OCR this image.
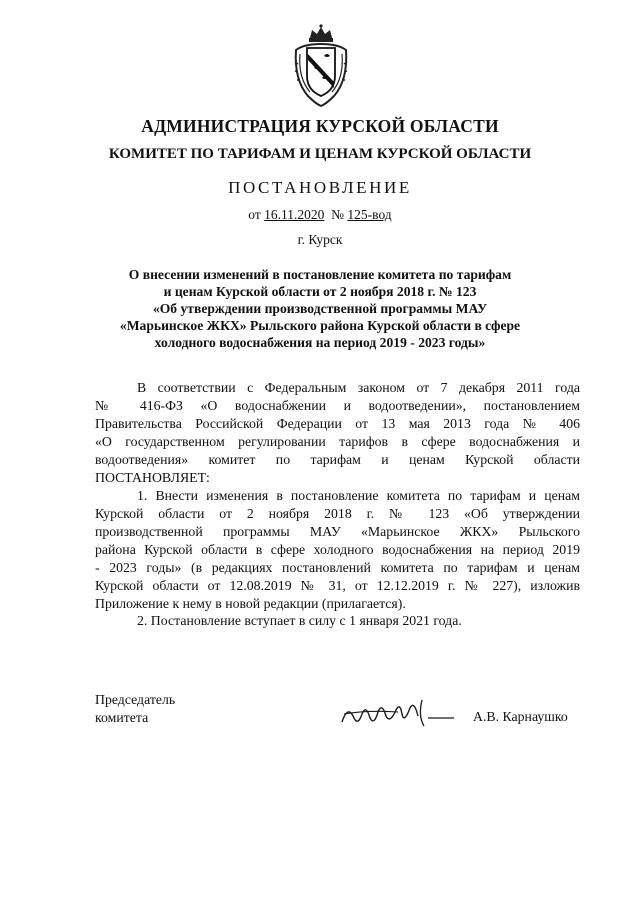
АДМИНИСТРАЦИЯ КУРСКОЙ ОБЛАСТИ
КОМИТЕТ ПО ТАРИФАМ И ЦЕНАМ КУРСКОЙ ОБЛАСТИ
ПОСТАНОВЛЕНИЕ
от 16.11.2020 № 125-вод
г. Курск

О внесении изменений в постановление комитета по тарифам
и ценам Курской области от 2 ноября 2018 г. № 123
«Об утверждении производственной программы МАУ
«Марьинское ЖКХ» Рыльского района Курской области в сфере
холодного водоснабжения на период 2019 - 2023 годы»

В соответствии с Федеральным законом от 7 декабря 2011 года
№ 416-ФЗ «О водоснабжении и водоотведении», постановлением
Правительства Российской Федерации от 13 мая 2013 года № 406
«О государственном регулировании тарифов в сфере водоснабжения и
водоотведения» комитет по тарифам и ценам Курской области
ПОСТАНОВЛЯЕТ:

1. Внести изменения в постановление комитета по тарифам и ценам
Курской области от 2 ноября 2018 г. № 123 «Об утверждении
производственной программы МАУ «Марьинское ЖКХ» Рыльского
района Курской области в сфере холодного водоснабжения на период 2019
- 2023 годы» (в редакциях постановлений комитета по тарифам и ценам
Курской области от 12.08.2019 № 31, от 12.12.2019 г. № 227), изложив
Приложение к нему в новой редакции (прилагается).

2. Постановление вступает в силу с 1 января 2021 года.

Председатель
комитета	А.В. Карнаушко
